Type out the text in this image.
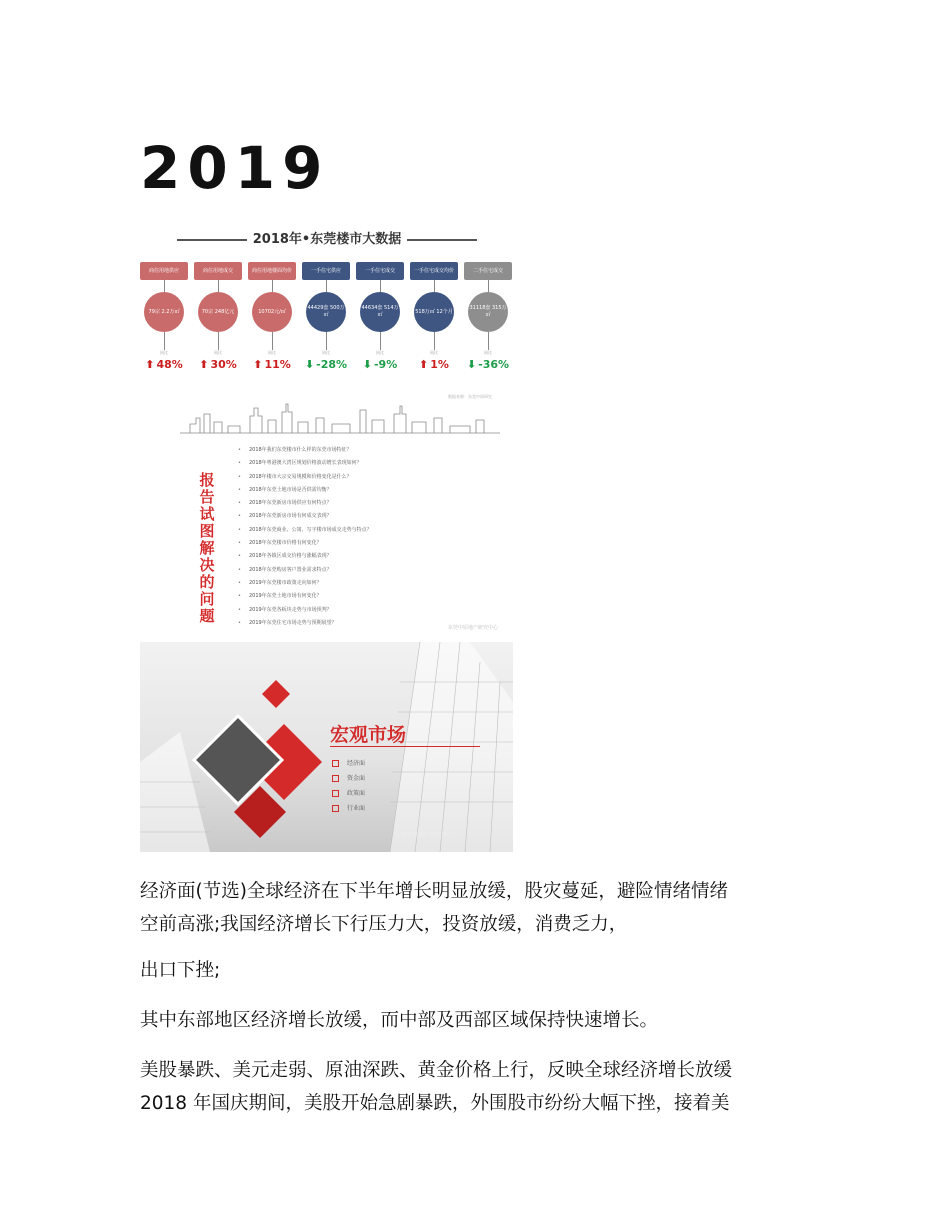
2019
2018年•东莞楼市大数据
商住用地供应
79宗 2.2万㎡
同比
⬆ 48%
商住用地成交
70宗 248亿元
同比
⬆ 30%
商住用地楼面均价
10702元/㎡
同比
⬆ 11%
一手住宅供应
44429套 500万㎡
同比
⬇ -28%
一手住宅成交
44634套 514万㎡
同比
⬇ -9%
一手住宅成交均价
518万㎡ 12个月
同比
⬆ 1%
二手住宅成交
31118套 315万㎡
同比
⬇ -36%
数据来源：东莞中原研究
报告试图解决的问题
• 2018年我们东莞楼市什么样的东莞市场特征？
• 2018年粤港澳大湾区规划价格波动增长表现如何？
• 2018年楼市大宗交易规模和价格变化是什么？
• 2018年东莞土地市场是否供需均衡？
• 2018年东莞新房市场供应有何特点？
• 2018年东莞新房市场有何成交表现？
• 2018年东莞商业、公寓、写字楼市场成交走势与特点？
• 2018年东莞楼市价格有何变化？
• 2018年各镇区成交价格与涨幅表现？
• 2018年东莞购房客户置业需求特点？
• 2019年东莞楼市政策走向如何？
• 2019年东莞土地市场有何变化？
• 2019年东莞各板块走势与市场预判？
• 2019年东莞住宅市场走势与预期展望？
东莞中原地产研究中心
宏观市场
经济面
资金面
政策面
行业面
东莞中原地产研究中心

经济面(节选)全球经济在下半年增长明显放缓，股灾蔓延，避险情绪情绪
空前高涨;我国经济增长下行压力大，投资放缓，消费乏力，

出口下挫;

其中东部地区经济增长放缓，而中部及西部区域保持快速增长。

美股暴跌、美元走弱、原油深跌、黄金价格上行，反映全球经济增长放缓
2018 年国庆期间，美股开始急剧暴跌，外围股市纷纷大幅下挫，接着美
